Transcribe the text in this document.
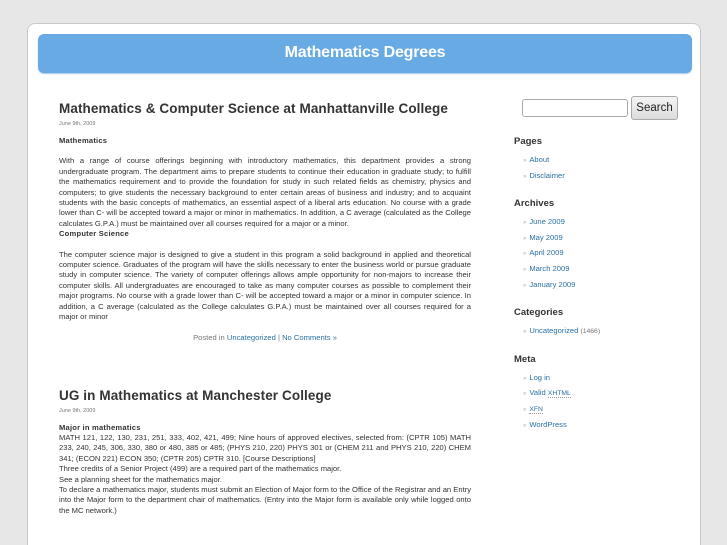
Mathematics Degrees
Mathematics & Computer Science at Manhattanville College
June 9th, 2009

Mathematics

With a range of course offerings beginning with introductory mathematics, this department provides a strong undergraduate program. The department aims to prepare students to continue their education in graduate study; to fulfill the mathematics requirement and to provide the foundation for study in such related fields as chemistry, physics and computers; to give students the necessary background to enter certain areas of business and industry; and to acquaint students with the basic concepts of mathematics, an essential aspect of a liberal arts education. No course with a grade lower than C- will be accepted toward a major or minor in mathematics. In addition, a C average (calculated as the College calculates G.P.A.) must be maintained over all courses required for a major or a minor.

Computer Science

The computer science major is designed to give a student in this program a solid background in applied and theoretical computer science. Graduates of the program will have the skills necessary to enter the business world or pursue graduate study in computer science. The variety of computer offerings allows ample opportunity for non-majors to increase their computer skills. All undergraduates are encouraged to take as many computer courses as possible to complement their major programs. No course with a grade lower than C- will be accepted toward a major or a minor in computer science. In addition, a C average (calculated as the College calculates G.P.A.) must be maintained over all courses required for a major or minor

Posted in Uncategorized | No Comments »
UG in Mathematics at Manchester College
June 9th, 2009

Major in mathematics

MATH 121, 122, 130, 231, 251, 333, 402, 421, 499; Nine hours of approved electives, selected from: (CPTR 105) MATH 233, 240, 245, 306, 330, 380 or 480, 385 or 485; (PHYS 210, 220) PHYS 301 or (CHEM 211 and PHYS 210, 220) CHEM 341; (ECON 221) ECON 350; (CPTR 205) CPTR 310. [Course Descriptions]

Three credits of a Senior Project (499) are a required part of the mathematics major.

See a planning sheet for the mathematics major.

To declare a mathematics major, students must submit an Election of Major form to the Office of the Registrar and an Entry into the Major form to the department chair of mathematics. (Entry into the Major form is available only while logged onto the MC network.)

Search
Pages
» About
» Disclaimer
Archives
» June 2009
» May 2009
» April 2009
» March 2009
» January 2009
Categories
» Uncategorized (1466)
Meta
» Log in
» Valid XHTML
» XFN
» WordPress
